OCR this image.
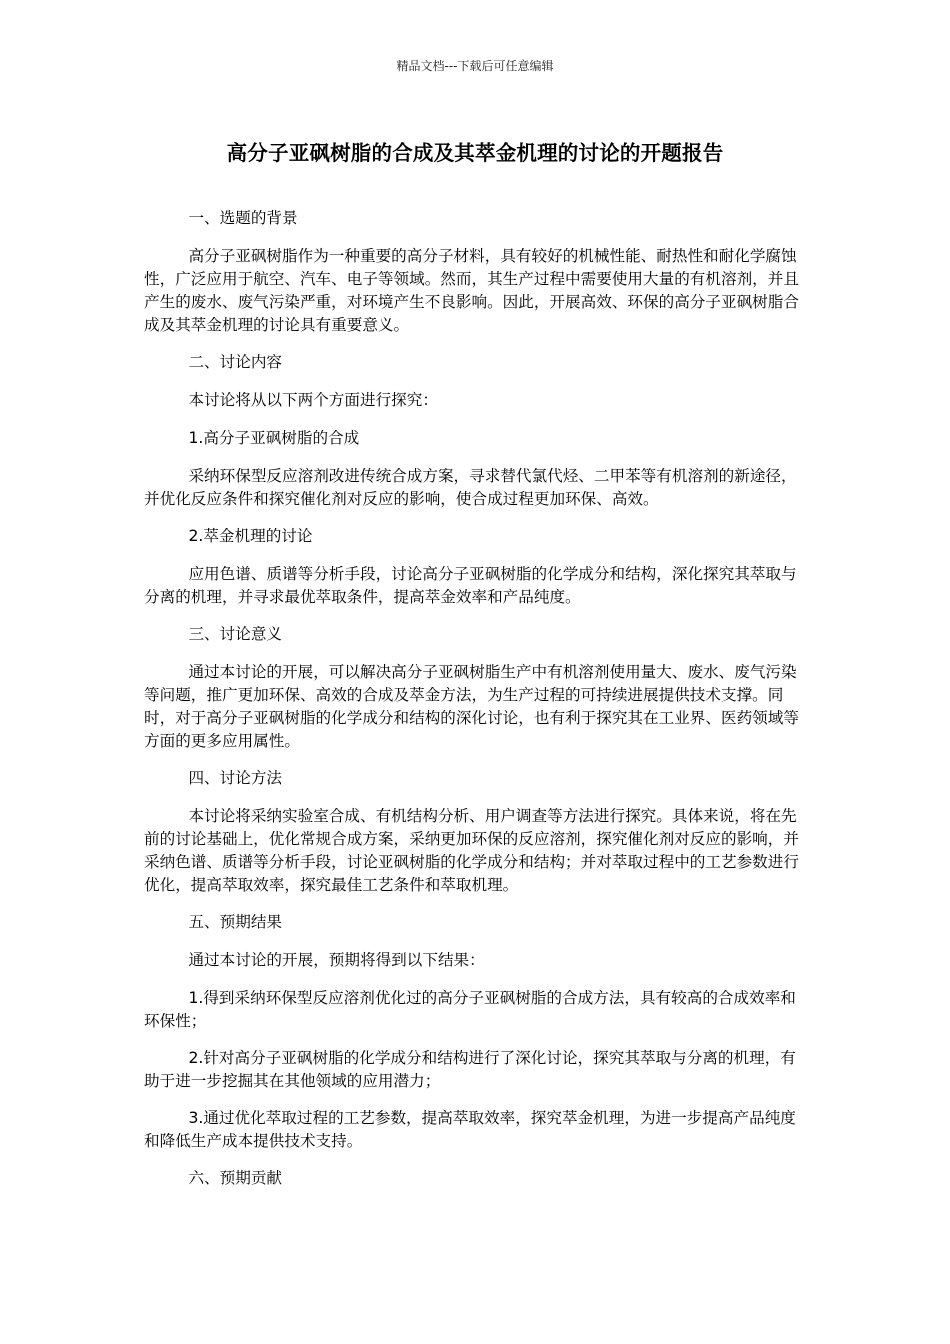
精品文档---下载后可任意编辑
高分子亚砜树脂的合成及其萃金机理的讨论的开题报告

一、选题的背景

高分子亚砜树脂作为一种重要的高分子材料，具有较好的机械性能、耐热性和耐化学腐蚀性，广泛应用于航空、汽车、电子等领域。然而，其生产过程中需要使用大量的有机溶剂，并且产生的废水、废气污染严重，对环境产生不良影响。因此，开展高效、环保的高分子亚砜树脂合成及其萃金机理的讨论具有重要意义。

二、讨论内容

本讨论将从以下两个方面进行探究：

1.高分子亚砜树脂的合成

采纳环保型反应溶剂改进传统合成方案，寻求替代氯代烃、二甲苯等有机溶剂的新途径，并优化反应条件和探究催化剂对反应的影响，使合成过程更加环保、高效。

2.萃金机理的讨论

应用色谱、质谱等分析手段，讨论高分子亚砜树脂的化学成分和结构，深化探究其萃取与分离的机理，并寻求最优萃取条件，提高萃金效率和产品纯度。

三、讨论意义

通过本讨论的开展，可以解决高分子亚砜树脂生产中有机溶剂使用量大、废水、废气污染等问题，推广更加环保、高效的合成及萃金方法，为生产过程的可持续进展提供技术支撑。同时，对于高分子亚砜树脂的化学成分和结构的深化讨论，也有利于探究其在工业界、医药领域等方面的更多应用属性。

四、讨论方法

本讨论将采纳实验室合成、有机结构分析、用户调查等方法进行探究。具体来说，将在先前的讨论基础上，优化常规合成方案，采纳更加环保的反应溶剂，探究催化剂对反应的影响，并采纳色谱、质谱等分析手段，讨论亚砜树脂的化学成分和结构；并对萃取过程中的工艺参数进行优化，提高萃取效率，探究最佳工艺条件和萃取机理。

五、预期结果

通过本讨论的开展，预期将得到以下结果：

1.得到采纳环保型反应溶剂优化过的高分子亚砜树脂的合成方法，具有较高的合成效率和环保性；

2.针对高分子亚砜树脂的化学成分和结构进行了深化讨论，探究其萃取与分离的机理，有助于进一步挖掘其在其他领域的应用潜力；

3.通过优化萃取过程的工艺参数，提高萃取效率，探究萃金机理，为进一步提高产品纯度和降低生产成本提供技术支持。

六、预期贡献
